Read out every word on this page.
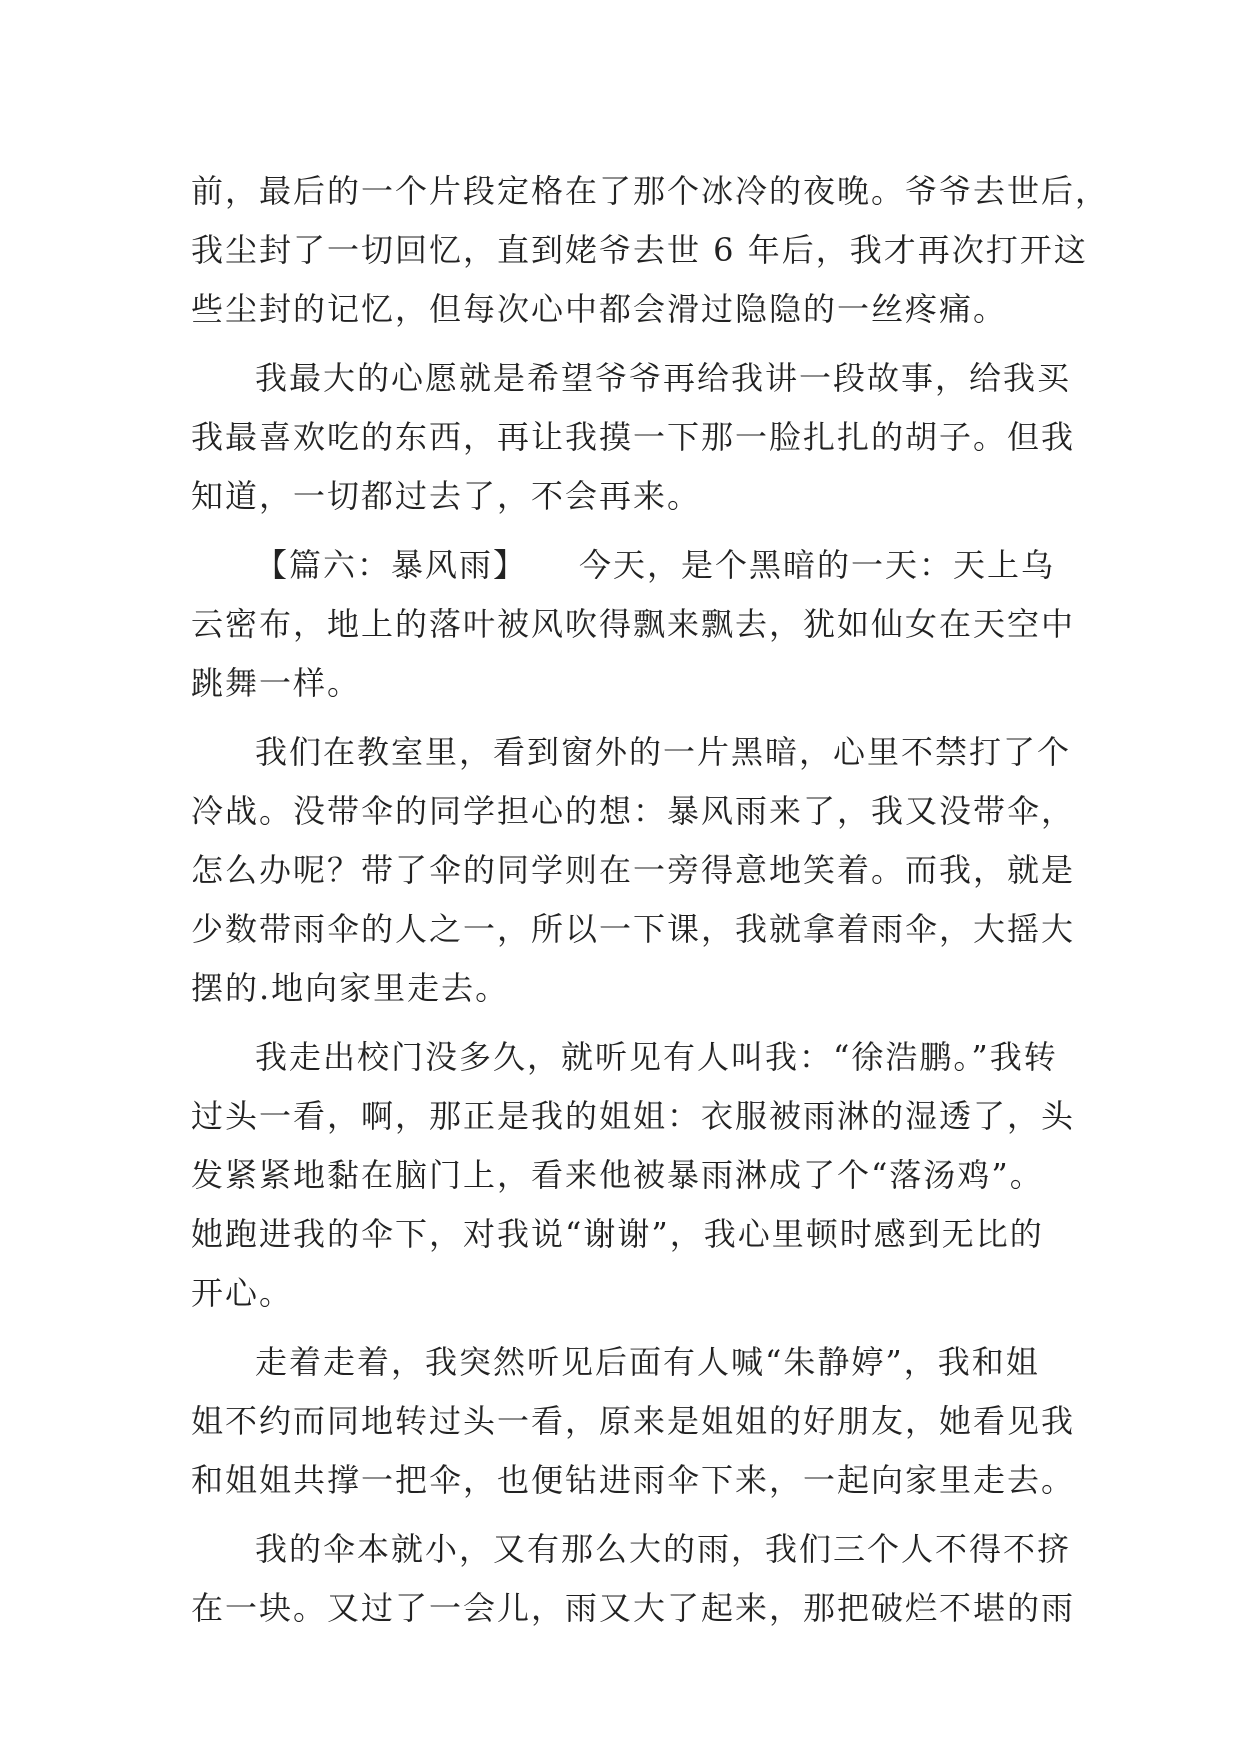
前，最后的一个片段定格在了那个冰冷的夜晚。爷爷去世后，
我尘封了一切回忆，直到姥爷去世 6 年后，我才再次打开这
些尘封的记忆，但每次心中都会滑过隐隐的一丝疼痛。
我最大的心愿就是希望爷爷再给我讲一段故事，给我买
我最喜欢吃的东西，再让我摸一下那一脸扎扎的胡子。但我
知道，一切都过去了，不会再来。
【篇六：暴风雨】　　今天，是个黑暗的一天：天上乌
云密布，地上的落叶被风吹得飘来飘去，犹如仙女在天空中
跳舞一样。
我们在教室里，看到窗外的一片黑暗，心里不禁打了个
冷战。没带伞的同学担心的想：暴风雨来了，我又没带伞，
怎么办呢？带了伞的同学则在一旁得意地笑着。而我，就是
少数带雨伞的人之一，所以一下课，我就拿着雨伞，大摇大
摆的.地向家里走去。
我走出校门没多久，就听见有人叫我：“徐浩鹏。”我转
过头一看，啊，那正是我的姐姐：衣服被雨淋的湿透了，头
发紧紧地黏在脑门上，看来他被暴雨淋成了个“落汤鸡”。
她跑进我的伞下，对我说“谢谢”，我心里顿时感到无比的
开心。
走着走着，我突然听见后面有人喊“朱静婷”，我和姐
姐不约而同地转过头一看，原来是姐姐的好朋友，她看见我
和姐姐共撑一把伞，也便钻进雨伞下来，一起向家里走去。
我的伞本就小，又有那么大的雨，我们三个人不得不挤
在一块。又过了一会儿，雨又大了起来，那把破烂不堪的雨
